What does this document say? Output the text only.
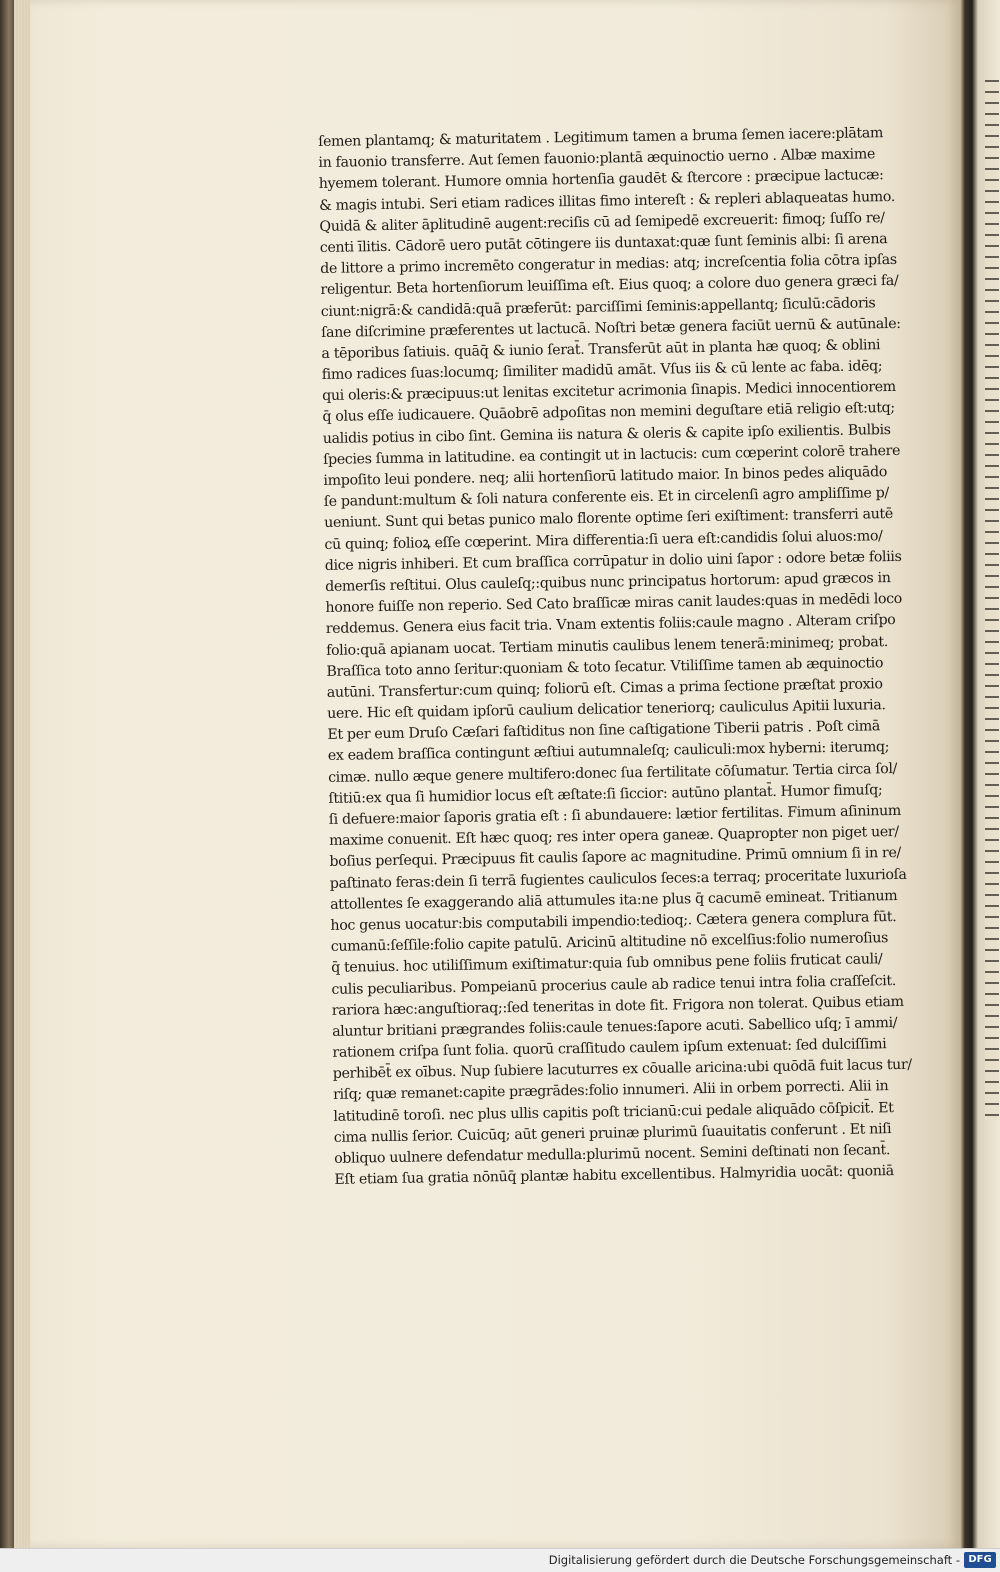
ſemen plantamq; & maturitatem . Legitimum tamen a bruma ſemen iacere:plātam
in fauonio transferre. Aut ſemen fauonio:plantā æquinoctio uerno . Albæ maxime
hyemem tolerant. Humore omnia hortenſia gaudēt & ſtercore : præcipue lactucæ:
& magis intubi. Seri etiam radices illitas fimo intereſt : & repleri ablaqueatas humo.
Quidā & aliter āplitudinē augent:reciſis cū ad ſemipedē excreuerit: fimoq; ſuſſo re/
centi īlitis. Cādorē uero putāt cōtingere iis duntaxat:quæ ſunt ſeminis albi: ſi arena
de littore a primo incremēto congeratur in medias: atq; increſcentia folia cōtra ipſas
religentur. Beta hortenſiorum leuiſſima eſt. Eius quoq; a colore duo genera græci fa/
ciunt:nigrā:& candidā:quā præferūt: parciſſimi ſeminis:appellantq; ſiculū:cādoris
ſane diſcrimine præferentes ut lactucā. Noſtri betæ genera faciūt uernū & autūnale:
a tēporibus ſatiuis. quāq̄ & iunio ſerat̄. Transferūt aūt in planta hæ quoq; & oblini
fimo radices ſuas:locumq; ſimiliter madidū amāt. Vſus iis & cū lente ac faba. idēq;
qui oleris:& præcipuus:ut lenitas excitetur acrimonia ſinapis. Medici innocentiorem
q̄ olus eſſe iudicauere. Quāobrē adpoſitas non memini deguſtare etiā religio eſt:utq;
ualidis potius in cibo ſint. Gemina iis natura & oleris & capite ipſo exilientis. Bulbis
ſpecies ſumma in latitudine. ea contingit ut in lactucis: cum cœperint colorē trahere
impoſito leui pondere. neq; alii hortenſiorū latitudo maior. In binos pedes aliquādo
ſe pandunt:multum & ſoli natura conferente eis. Et in circelenſi agro ampliſſime p/
ueniunt. Sunt qui betas punico malo florente optime ſeri exiſtiment: transferri autē
cū quinq; folioꝝ eſſe cœperint. Mira differentia:ſi uera eſt:candidis ſolui aluos:mo/
dice nigris inhiberi. Et cum braſſica corrūpatur in dolio uini ſapor : odore betæ foliis
demerſis reſtitui. Olus cauleſq;:quibus nunc principatus hortorum: apud græcos in
honore fuiſſe non reperio. Sed Cato braſſicæ miras canit laudes:quas in medēdi loco
reddemus. Genera eius facit tria. Vnam extentis foliis:caule magno . Alteram criſpo
folio:quā apianam uocat. Tertiam minutis caulibus lenem tenerā:minimeq; probat.
Braſſica toto anno ſeritur:quoniam & toto ſecatur. Vtiliſſime tamen ab æquinoctio
autūni. Transfertur:cum quinq; foliorū eſt. Cimas a prima ſectione præſtat proxio
uere. Hic eſt quidam ipſorū caulium delicatior teneriorq; cauliculus Apitii luxuria.
Et per eum Druſo Cæſari faſtiditus non ſine caſtigatione Tiberii patris . Poſt cimā
ex eadem braſſica contingunt æſtiui autumnaleſq; cauliculi:mox hyberni: iterumq;
cimæ. nullo æque genere multifero:donec ſua fertilitate cōſumatur. Tertia circa ſol/
ſtitiū:ex qua ſi humidior locus eſt æſtate:ſi ſiccior: autūno plantat̄. Humor fimuſq;
ſi defuere:maior ſaporis gratia eſt : ſi abundauere: lætior fertilitas. Fimum aſininum
maxime conuenit. Eſt hæc quoq; res inter opera ganeæ. Quapropter non piget uer/
boſius perſequi. Præcipuus fit caulis ſapore ac magnitudine. Primū omnium ſi in re/
paſtinato feras:dein ſi terrā fugientes cauliculos ſeces:a terraq; proceritate luxurioſa
attollentes ſe exaggerando aliā attumules ita:ne plus q̄ cacumē emineat. Tritianum
hoc genus uocatur:bis computabili impendio:tedioq;. Cætera genera complura fūt.
cumanū:ſeſſile:folio capite patulū. Aricinū altitudine nō excelſius:folio numeroſius
q̄ tenuius. hoc utiliſſimum exiſtimatur:quia ſub omnibus pene foliis fruticat cauli/
culis peculiaribus. Pompeianū procerius caule ab radice tenui intra folia craſſeſcit.
rariora hæc:anguſtioraq;:ſed teneritas in dote fit. Frigora non tolerat. Quibus etiam
aluntur britiani prægrandes foliis:caule tenues:ſapore acuti. Sabellico uſq; ī ammi/
rationem criſpa ſunt folia. quorū craſſitudo caulem ipſum extenuat: ſed dulciſſimi
perhibēt̄ ex oībus. Nup ſubiere lacuturres ex cōualle aricina:ubi quōdā fuit lacus tur/
riſq; quæ remanet:capite prægrādes:folio innumeri. Alii in orbem porrecti. Alii in
latitudinē toroſi. nec plus ullis capitis poſt tricianū:cui pedale aliquādo cōſpicit̄. Et
cima nullis ſerior. Cuicūq; aūt generi pruinæ plurimū ſuauitatis conferunt . Et niſi
obliquo uulnere defendatur medulla:plurimū nocent. Semini deſtinati non ſecant̄.
Eſt etiam ſua gratia nōnūq̄ plantæ habitu excellentibus. Halmyridia uocāt: quoniā
Digitalisierung gefördert durch die Deutsche Forschungsgemeinschaft - DFG
